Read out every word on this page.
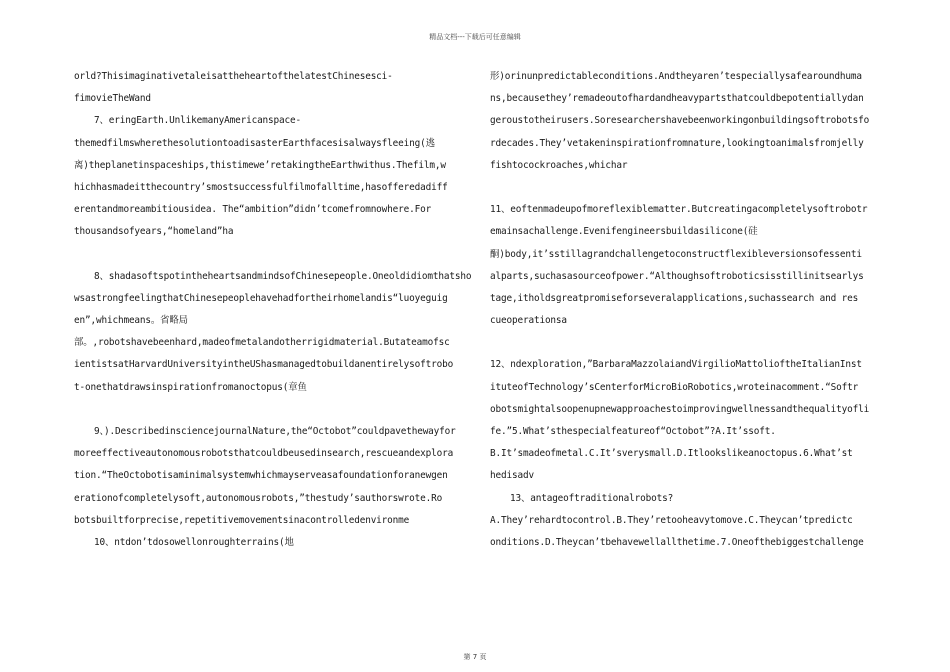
精品文档---下载后可任意编辑
orld?ThisimaginativetaleisattheheartofthelatestChinesesci-
fimovieTheWand
7、eringEarth.UnlikemanyAmericanspace-
themedfilmswherethesolutiontoadisasterEarthfacesisalwaysfleeing(逃
离)theplanetinspaceships,thistimewe’retakingtheEarthwithus.Thefilm,w
hichhasmadeitthecountry’smostsuccessfulfilmofalltime,hasofferedadiff
erentandmoreambitiousidea. The“ambition”didn’tcomefromnowhere.For
thousandsofyears,“homeland”ha
8、shadasoftspotintheheartsandmindsofChinesepeople.Oneoldidiomthatsho
wsastrongfeelingthatChinesepeoplehavehadfortheirhomelandis“luoyeguig
en”,whichmeans。省略局
部。,robotshavebeenhard,madeofmetalandotherrigidmaterial.Butateamofsc
ientistsatHarvardUniversityintheUShasmanagedtobuildanentirelysoftrobo
t-onethatdrawsinspirationfromanoctopus(章鱼
9、).DescribedinsciencejournalNature,the“Octobot”couldpavethewayfor
moreeffectiveautonomousrobotsthatcouldbeusedinsearch,rescueandexplora
tion.“TheOctobotisaminimalsystemwhichmayserveasafoundationforanewgen
erationofcompletelysoft,autonomousrobots,”thestudy’sauthorswrote.Ro
botsbuiltforprecise,repetitivemovementsinacontrolledenvironme
10、ntdon’tdosowellonroughterrains(地
形)orinunpredictableconditions.Andtheyaren’tespeciallysafearoundhuma
ns,becausethey’remadeoutofhardandheavypartsthatcouldbepotentiallydan
geroustotheirusers.Soresearchershavebeenworkingonbuildingsoftrobotsfo
rdecades.They’vetakeninspirationfromnature,lookingtoanimalsfromjelly
fishtocockroaches,whichar
11、eoftenmadeupofmoreflexiblematter.Butcreatingacompletelysoftrobotr
emainsachallenge.Evenifengineersbuildasilicone(硅
酮)body,it’sstillagrandchallengetoconstructflexibleversionsofessenti
alparts,suchasasourceofpower.“Althoughsoftroboticsisstillinitsearlys
tage,itholdsgreatpromiseforseveralapplications,suchassearch and res
cueoperationsa
12、ndexploration,”BarbaraMazzolaiandVirgilioMattolioftheItalianInst
ituteofTechnology’sCenterforMicroBioRobotics,wroteinacomment.“Softr
obotsmightalsoopenupnewapproachestoimprovingwellnessandthequalityofli
fe.”5.What’sthespecialfeatureof“Octobot”?A.It’ssoft.
B.It’smadeofmetal.C.It’sverysmall.D.Itlookslikeanoctopus.6.What’st
hedisadv
13、antageoftraditionalrobots?
A.They’rehardtocontrol.B.They’retooheavytomove.C.Theycan’tpredictc
onditions.D.Theycan’tbehavewellallthetime.7.Oneofthebiggestchallenge
第 7 页
